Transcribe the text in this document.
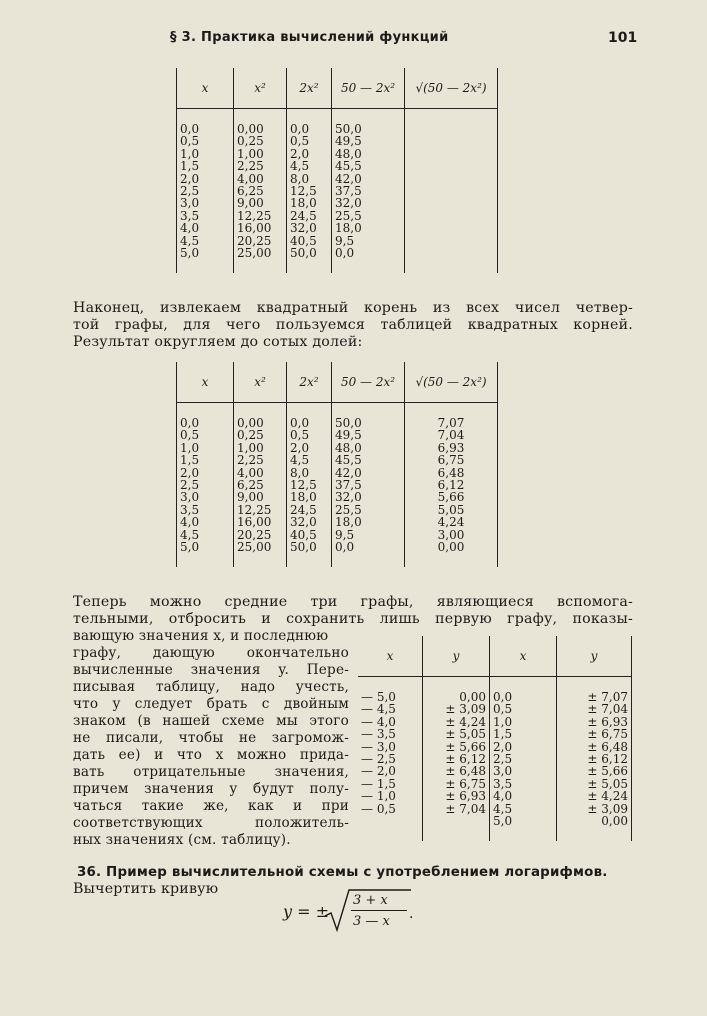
§ 3. Практика вычислений функций	101
x	x²	2x²	50 — 2x²	√(50 — 2x²)
0,0	0,00	0,0	50,0	
0,5	0,25	0,5	49,5	
1,0	1,00	2,0	48,0	
1,5	2,25	4,5	45,5	
2,0	4,00	8,0	42,0	
2,5	6,25	12,5	37,5	
3,0	9,00	18,0	32,0	
3,5	12,25	24,5	25,5	
4,0	16,00	32,0	18,0	
4,5	20,25	40,5	9,5	
5,0	25,00	50,0	0,0	
Наконец, извлекаем квадратный корень из всех чисел четвер-
той графы, для чего пользуемся таблицей квадратных корней.
Результат округляем до сотых долей:
x	x²	2x²	50 — 2x²	√(50 — 2x²)
0,0	0,00	0,0	50,0	7,07
0,5	0,25	0,5	49,5	7,04
1,0	1,00	2,0	48,0	6,93
1,5	2,25	4,5	45,5	6,75
2,0	4,00	8,0	42,0	6,48
2,5	6,25	12,5	37,5	6,12
3,0	9,00	18,0	32,0	5,66
3,5	12,25	24,5	25,5	5,05
4,0	16,00	32,0	18,0	4,24
4,5	20,25	40,5	9,5	3,00
5,0	25,00	50,0	0,0	0,00
Теперь можно средние три графы, являющиеся вспомога-
тельными, отбросить и сохранить лишь первую графу, показы-
вающую значения x, и последнюю
графу, дающую окончательно
вычисленные значения y. Пере-
писывая таблицу, надо учесть,
что y следует брать с двойным
знаком (в нашей схеме мы этого
не писали, чтобы не загромож-
дать ее) и что x можно прида-
вать отрицательные значения,
причем значения y будут полу-
чаться такие же, как и при
соответствующих положитель-
ных значениях (см. таблицу).
x	y	x	y
— 5,0	0,00	0,0	± 7,07
— 4,5	± 3,09	0,5	± 7,04
— 4,0	± 4,24	1,0	± 6,93
— 3,5	± 5,05	1,5	± 6,75
— 3,0	± 5,66	2,0	± 6,48
— 2,5	± 6,12	2,5	± 6,12
— 2,0	± 6,48	3,0	± 5,66
— 1,5	± 6,75	3,5	± 5,05
— 1,0	± 6,93	4,0	± 4,24
— 0,5	± 7,04	4,5	± 3,09
		5,0	0,00
36. Пример вычислительной схемы с употреблением логарифмов.
Вычертить кривую
y = ±
3 + x
3 — x .
